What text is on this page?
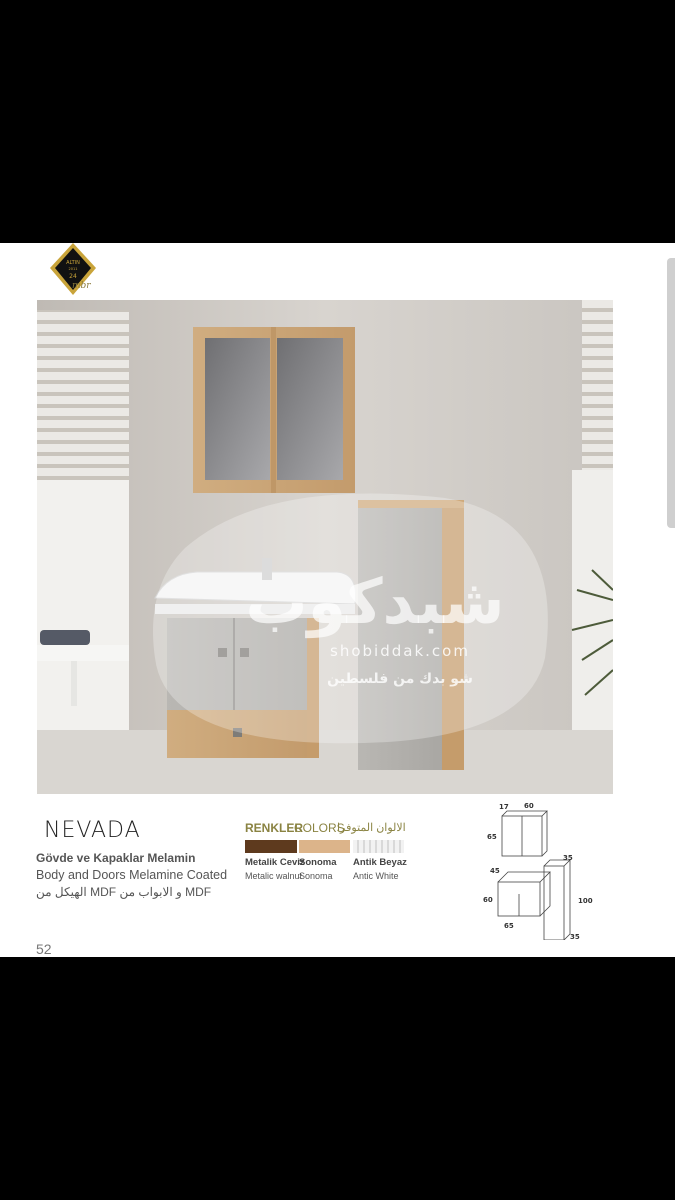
ALTIN
2011
24
mbr
شبدكوب
shobiddak.com
شو بدك من فلسطين
NEVADA
Gövde ve Kapaklar Melamin
Body and Doors Melamine Coated
الهيكل من MDF و الابواب من MDF
RENKLER
COLORS
الالوان المتوفرا
Metalik Ceviz
Sonoma Antik Beyaz
Metalic walnut
Sonoma Antic White
17 60
65
35
45
60
65
100
35
52
